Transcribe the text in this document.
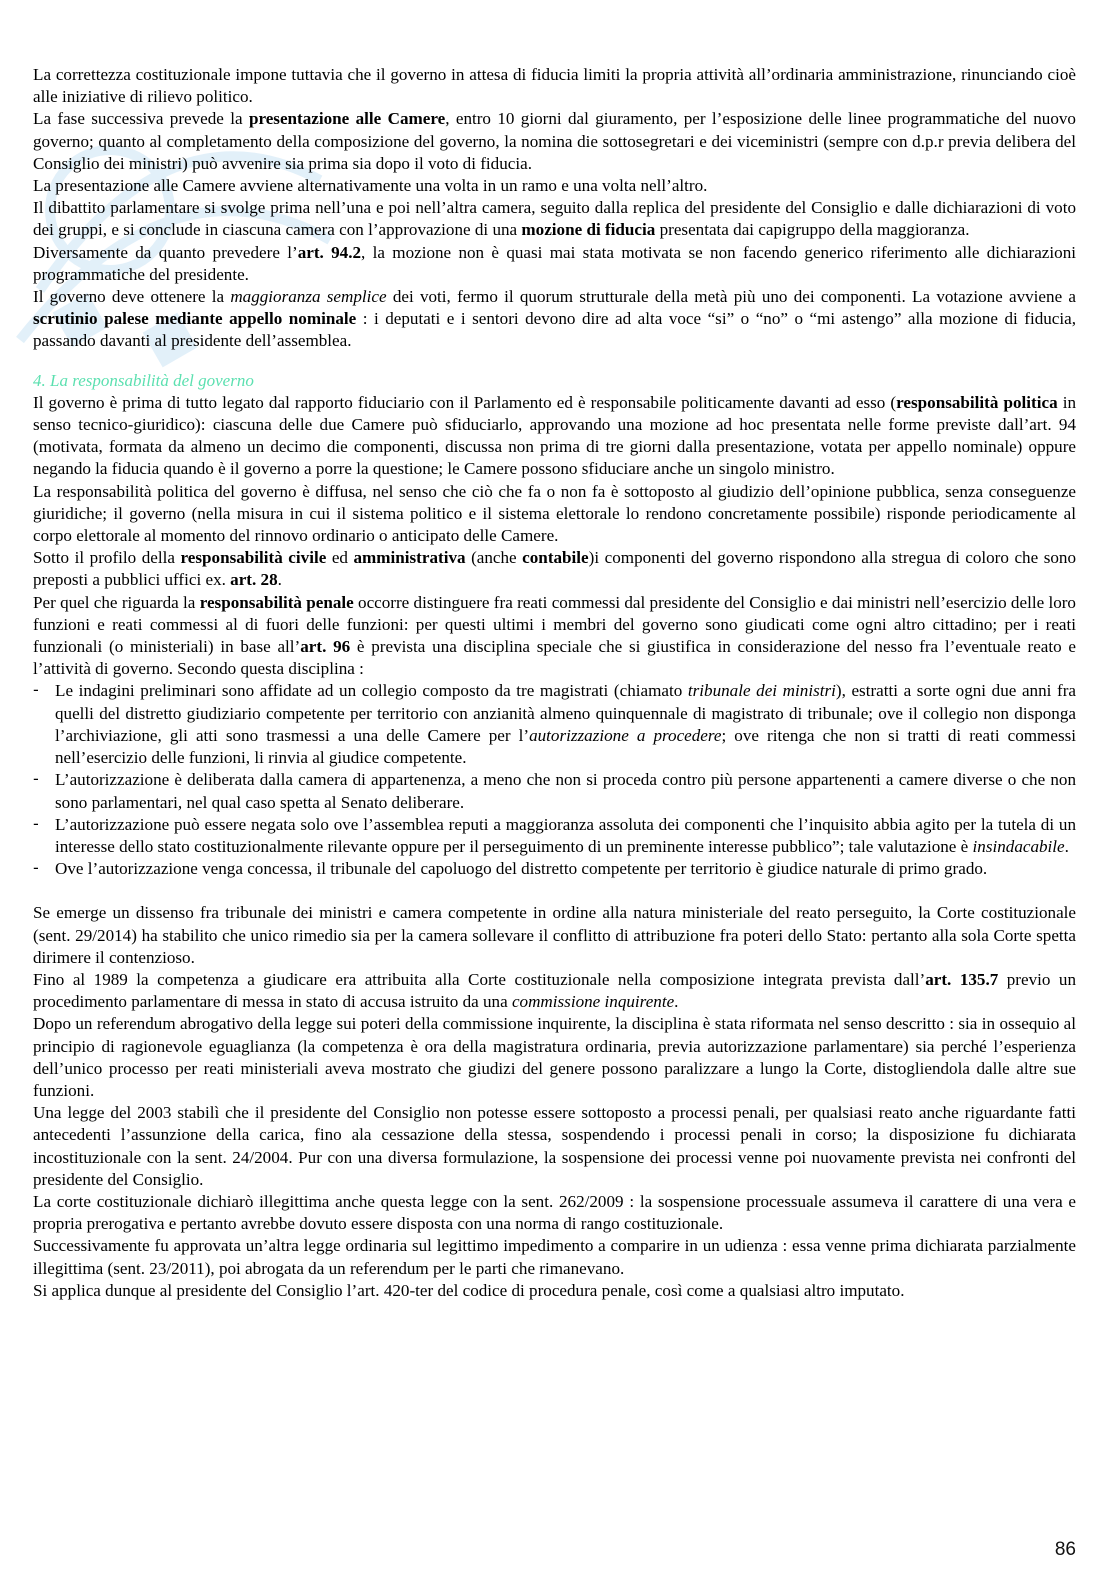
La correttezza costituzionale impone tuttavia che il governo in attesa di fiducia limiti la propria attività all’ordinaria amministrazione, rinunciando cioè alle iniziative di rilievo politico.

La fase successiva prevede la presentazione alle Camere, entro 10 giorni dal giuramento, per l’esposizione delle linee programmatiche del nuovo governo; quanto al completamento della composizione del governo, la nomina die sottosegretari e dei viceministri (sempre con d.p.r previa delibera del Consiglio dei ministri) può avvenire sia prima sia dopo il voto di fiducia.

La presentazione alle Camere avviene alternativamente una volta in un ramo e una volta nell’altro.

Il dibattito parlamentare si svolge prima nell’una e poi nell’altra camera, seguito dalla replica del presidente del Consiglio e dalle dichiarazioni di voto dei gruppi, e si conclude in ciascuna camera con l’approvazione di una mozione di fiducia presentata dai capigruppo della maggioranza.

Diversamente da quanto prevedere l’art. 94.2, la mozione non è quasi mai stata motivata se non facendo generico riferimento alle dichiarazioni programmatiche del presidente.

Il governo deve ottenere la maggioranza semplice dei voti, fermo il quorum strutturale della metà più uno dei componenti. La votazione avviene a scrutinio palese mediante appello nominale : i deputati e i sentori devono dire ad alta voce “si” o “no” o “mi astengo” alla mozione di fiducia, passando davanti al presidente dell’assemblea.

4. La responsabilità del governo

Il governo è prima di tutto legato dal rapporto fiduciario con il Parlamento ed è responsabile politicamente davanti ad esso (responsabilità politica in senso tecnico-giuridico): ciascuna delle due Camere può sfiduciarlo, approvando una mozione ad hoc presentata nelle forme previste dall’art. 94 (motivata, formata da almeno un decimo die componenti, discussa non prima di tre giorni dalla presentazione, votata per appello nominale) oppure negando la fiducia quando è il governo a porre la questione; le Camere possono sfiduciare anche un singolo ministro.

La responsabilità politica del governo è diffusa, nel senso che ciò che fa o non fa è sottoposto al giudizio dell’opinione pubblica, senza conseguenze giuridiche; il governo (nella misura in cui il sistema politico e il sistema elettorale lo rendono concretamente possibile) risponde periodicamente al corpo elettorale al momento del rinnovo ordinario o anticipato delle Camere.

Sotto il profilo della responsabilità civile ed amministrativa (anche contabile)i componenti del governo rispondono alla stregua di coloro che sono preposti a pubblici uffici ex. art. 28.

Per quel che riguarda la responsabilità penale occorre distinguere fra reati commessi dal presidente del Consiglio e dai ministri nell’esercizio delle loro funzioni e reati commessi al di fuori delle funzioni: per questi ultimi i membri del governo sono giudicati come ogni altro cittadino; per i reati funzionali (o ministeriali) in base all’art. 96 è prevista una disciplina speciale che si giustifica in considerazione del nesso fra l’eventuale reato e l’attività di governo. Secondo questa disciplina :

- Le indagini preliminari sono affidate ad un collegio composto da tre magistrati (chiamato tribunale dei ministri), estratti a sorte ogni due anni fra quelli del distretto giudiziario competente per territorio con anzianità almeno quinquennale di magistrato di tribunale; ove il collegio non disponga l’archiviazione, gli atti sono trasmessi a una delle Camere per l’autorizzazione a procedere; ove ritenga che non si tratti di reati commessi nell’esercizio delle funzioni, li rinvia al giudice competente.
- L’autorizzazione è deliberata dalla camera di appartenenza, a meno che non si proceda contro più persone appartenenti a camere diverse o che non sono parlamentari, nel qual caso spetta al Senato deliberare.
- L’autorizzazione può essere negata solo ove l’assemblea reputi a maggioranza assoluta dei componenti che l’inquisito abbia agito per la tutela di un interesse dello stato costituzionalmente rilevante oppure per il perseguimento di un preminente interesse pubblico”; tale valutazione è insindacabile.
- Ove l’autorizzazione venga concessa, il tribunale del capoluogo del distretto competente per territorio è giudice naturale di primo grado.

Se emerge un dissenso fra tribunale dei ministri e camera competente in ordine alla natura ministeriale del reato perseguito, la Corte costituzionale (sent. 29/2014) ha stabilito che unico rimedio sia per la camera sollevare il conflitto di attribuzione fra poteri dello Stato: pertanto alla sola Corte spetta dirimere il contenzioso.

Fino al 1989 la competenza a giudicare era attribuita alla Corte costituzionale nella composizione integrata prevista dall’art. 135.7 previo un procedimento parlamentare di messa in stato di accusa istruito da una commissione inquirente.

Dopo un referendum abrogativo della legge sui poteri della commissione inquirente, la disciplina è stata riformata nel senso descritto : sia in ossequio al principio di ragionevole eguaglianza (la competenza è ora della magistratura ordinaria, previa autorizzazione parlamentare) sia perché l’esperienza dell’unico processo per reati ministeriali aveva mostrato che giudizi del genere possono paralizzare a lungo la Corte, distogliendola dalle altre sue funzioni.

Una legge del 2003 stabilì che il presidente del Consiglio non potesse essere sottoposto a processi penali, per qualsiasi reato anche riguardante fatti antecedenti l’assunzione della carica, fino ala cessazione della stessa, sospendendo i processi penali in corso; la disposizione fu dichiarata incostituzionale con la sent. 24/2004. Pur con una diversa formulazione, la sospensione dei processi venne poi nuovamente prevista nei confronti del presidente del Consiglio.

La corte costituzionale dichiarò illegittima anche questa legge con la sent. 262/2009 : la sospensione processuale assumeva il carattere di una vera e propria prerogativa e pertanto avrebbe dovuto essere disposta con una norma di rango costituzionale.

Successivamente fu approvata un’altra legge ordinaria sul legittimo impedimento a comparire in un udienza : essa venne prima dichiarata parzialmente illegittima (sent. 23/2011), poi abrogata da un referendum per le parti che rimanevano.

Si applica dunque al presidente del Consiglio l’art. 420-ter del codice di procedura penale, così come a qualsiasi altro imputato.

86
